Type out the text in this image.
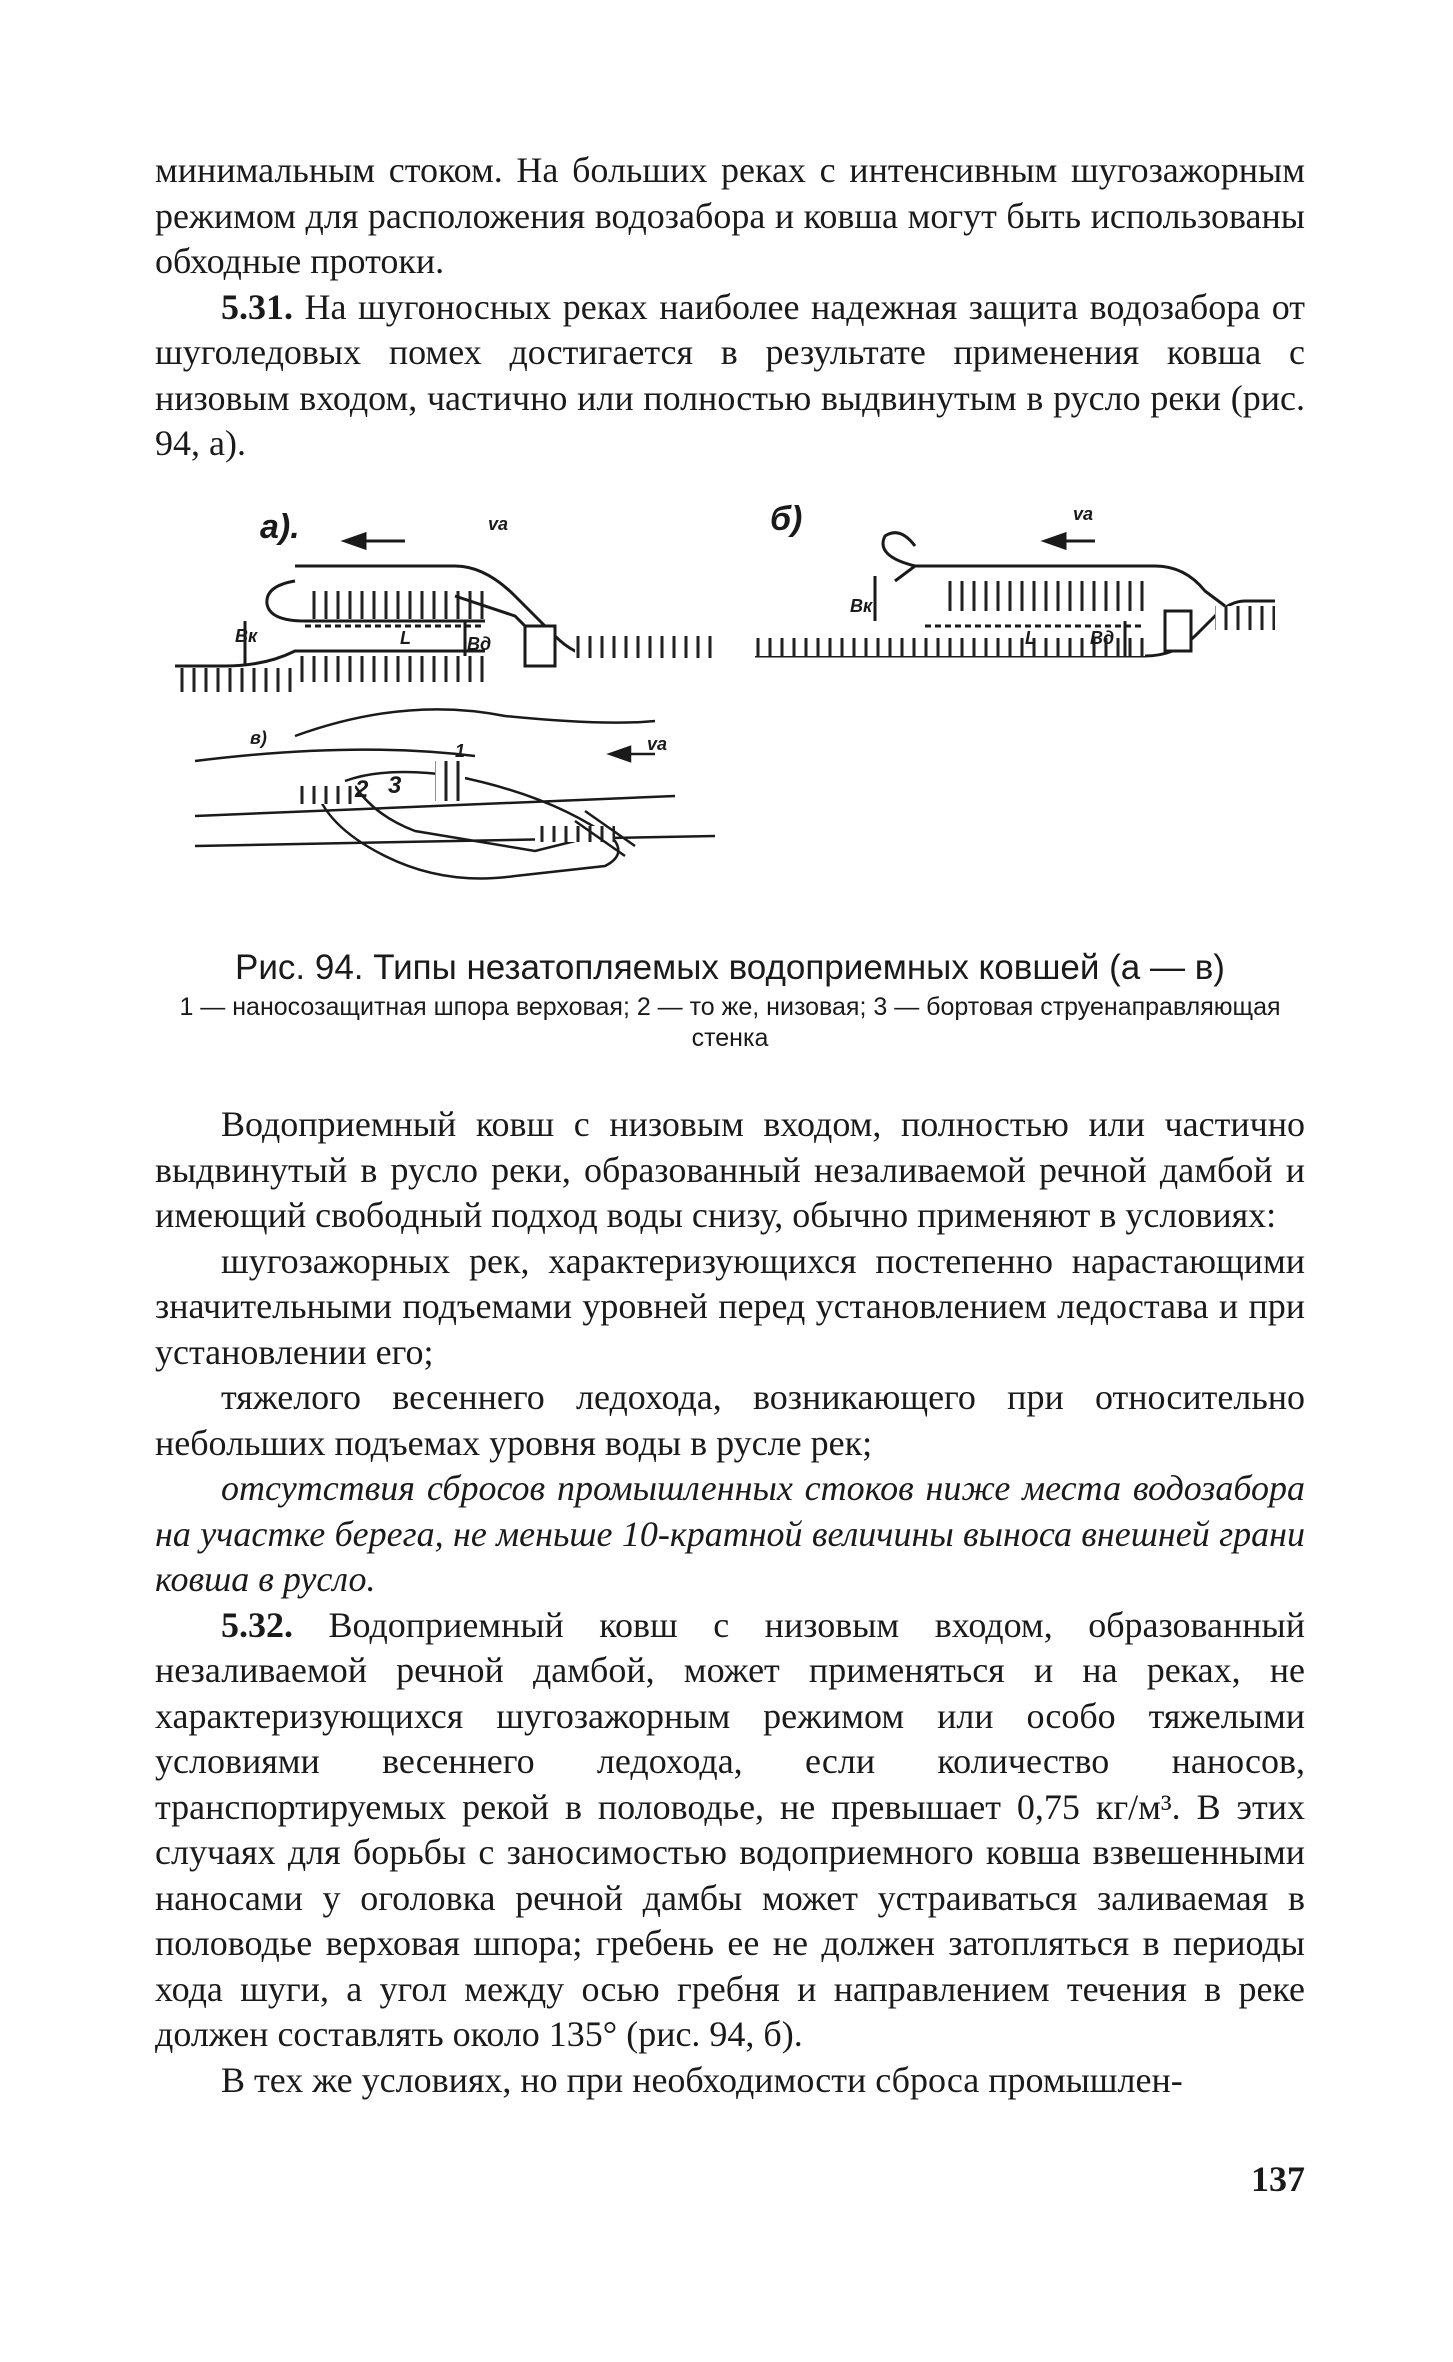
минимальным стоком. На больших реках с интенсивным шугозажорным режимом для расположения водозабора и ковша могут быть использованы обходные протоки.

5.31. На шугоносных реках наиболее надежная защита водозабора от шуголедовых помех достигается в результате применения ковша с низовым входом, частично или полностью выдвинутым в русло реки (рис. 94, а).

а).	б)
в)
vа	vа
vа
Bк	L	Bд
Bк
L	Bд
1
2 3
Рис. 94. Типы незатопляемых водоприемных ковшей (а — в)
1 — наносозащитная шпора верховая; 2 — то же, низовая; 3 — бортовая струенаправляющая стенка

Водоприемный ковш с низовым входом, полностью или частично выдвинутый в русло реки, образованный незаливаемой речной дамбой и имеющий свободный подход воды снизу, обычно применяют в условиях:

шугозажорных рек, характеризующихся постепенно нарастающими значительными подъемами уровней перед установлением ледостава и при установлении его;

тяжелого весеннего ледохода, возникающего при относительно небольших подъемах уровня воды в русле рек;

отсутствия сбросов промышленных стоков ниже места водозабора на участке берега, не меньше 10-кратной величины выноса внешней грани ковша в русло.

5.32. Водоприемный ковш с низовым входом, образованный незаливаемой речной дамбой, может применяться и на реках, не характеризующихся шугозажорным режимом или особо тяжелыми условиями весеннего ледохода, если количество наносов, транспортируемых рекой в половодье, не превышает 0,75 кг/м³. В этих случаях для борьбы с заносимостью водоприемного ковша взвешенными наносами у оголовка речной дамбы может устраиваться заливаемая в половодье верховая шпора; гребень ее не должен затопляться в периоды хода шуги, а угол между осью гребня и направлением течения в реке должен составлять около 135° (рис. 94, б).

В тех же условиях, но при необходимости сброса промышлен-

137
